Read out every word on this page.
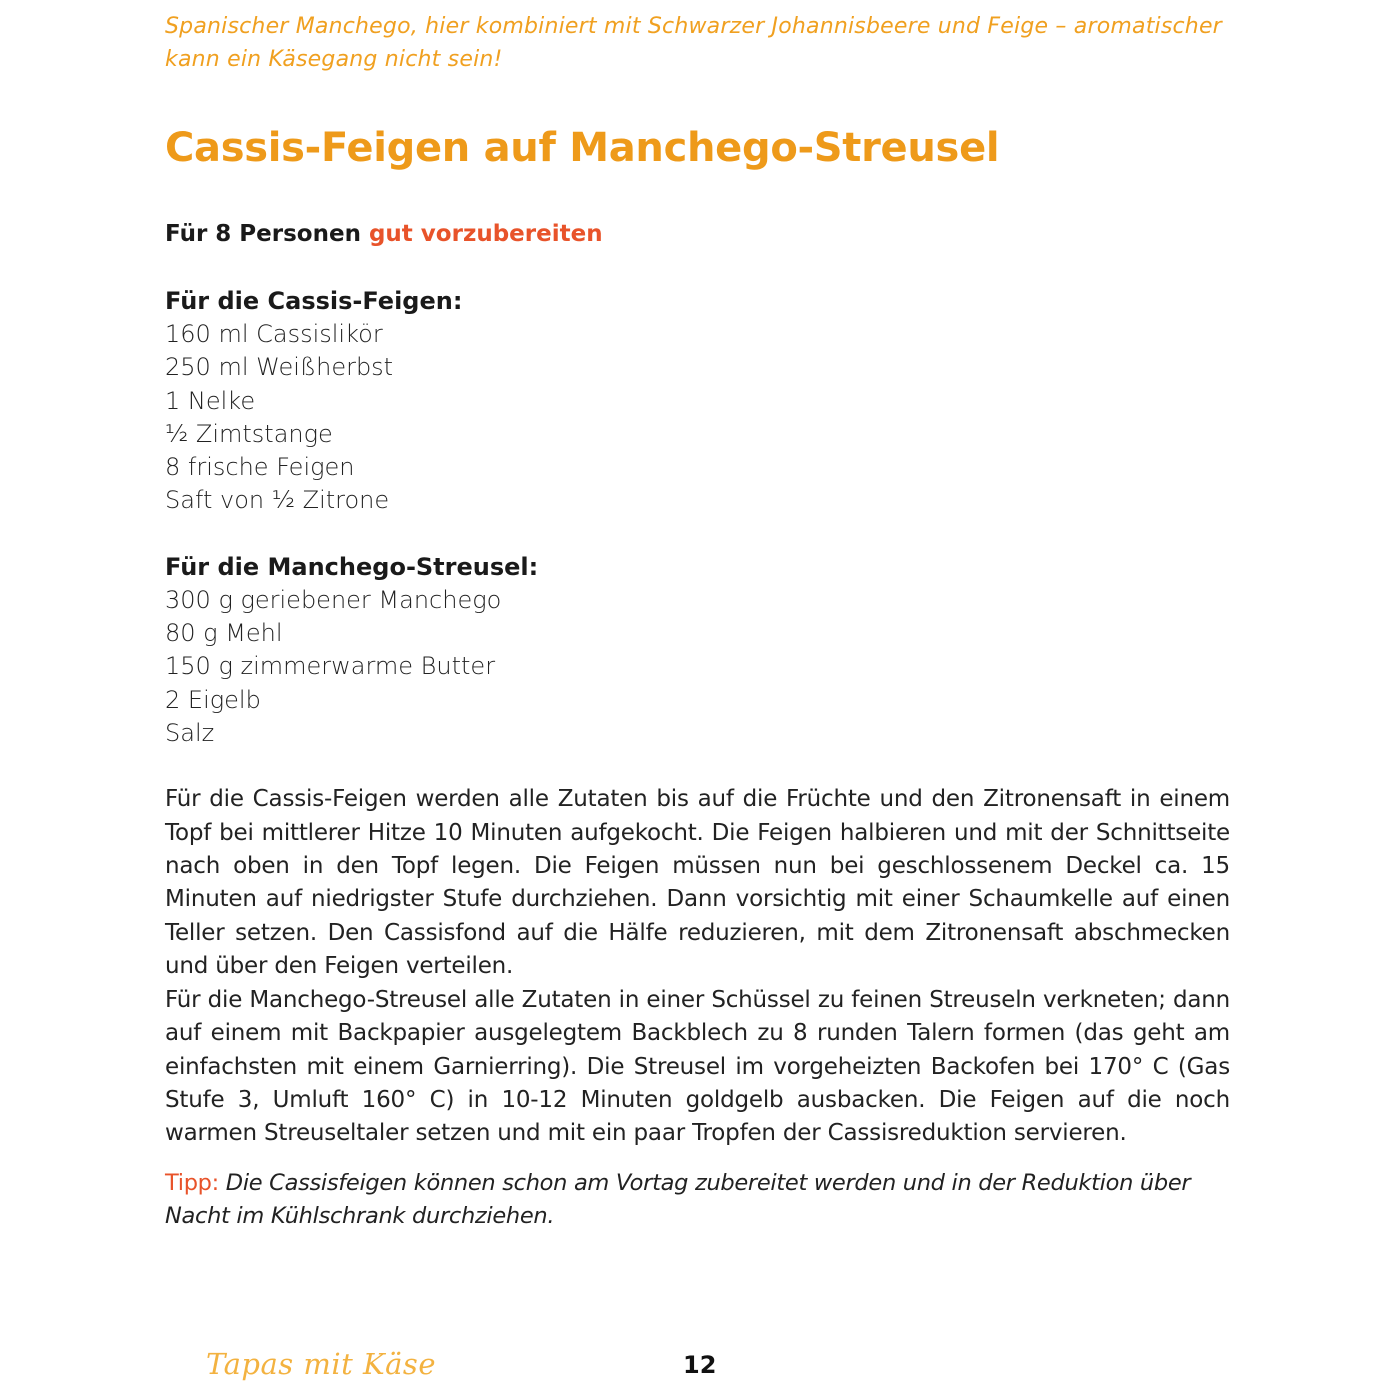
Spanischer Manchego, hier kombiniert mit Schwarzer Johannisbeere und Feige – aromatischer kann ein Käsegang nicht sein!

Cassis-Feigen auf Manchego-Streusel
Für 8 Personen gut vorzubereiten
Für die Cassis-Feigen:
160 ml Cassislikör
250 ml Weißherbst
1 Nelke
½ Zimtstange
8 frische Feigen
Saft von ½ Zitrone
Für die Manchego-Streusel:
300 g geriebener Manchego
80 g Mehl
150 g zimmerwarme Butter
2 Eigelb
Salz

Für die Cassis-Feigen werden alle Zutaten bis auf die Früchte und den Zitronensaft in einem Topf bei mittlerer Hitze 10 Minuten aufgekocht. Die Feigen halbieren und mit der Schnittseite nach oben in den Topf legen. Die Feigen müssen nun bei geschlossenem Deckel ca. 15 Minuten auf niedrigster Stufe durchziehen. Dann vorsichtig mit einer Schaumkelle auf einen Teller setzen. Den Cassisfond auf die Hälfe reduzieren, mit dem Zitronensaft abschmecken und über den Feigen verteilen.

Für die Manchego-Streusel alle Zutaten in einer Schüssel zu feinen Streuseln verkneten; dann auf einem mit Backpapier ausgelegtem Backblech zu 8 runden Talern formen (das geht am einfachsten mit einem Garnierring). Die Streusel im vorgeheizten Backofen bei 170° C (Gas Stufe 3, Umluft 160° C) in 10-12 Minuten goldgelb ausbacken. Die Feigen auf die noch warmen Streuseltaler setzen und mit ein paar Tropfen der Cassisreduktion servieren.

Tipp: Die Cassisfeigen können schon am Vortag zubereitet werden und in der Reduktion über Nacht im Kühlschrank durchziehen.
Tapas mit Käse	12
